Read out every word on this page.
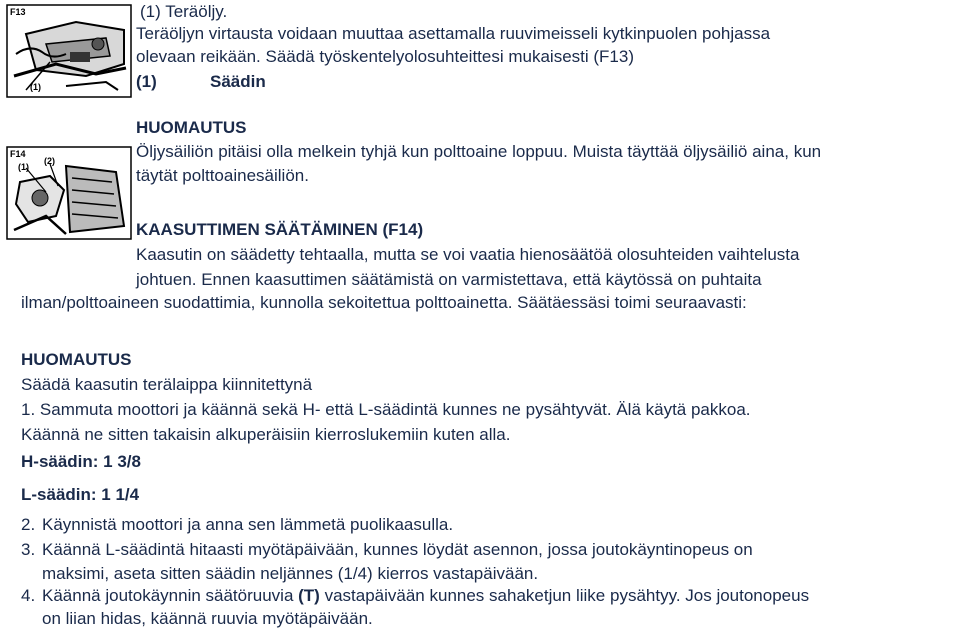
F13
(1)
F14
(1)
(2)
(1) Teräöljy.
Teräöljyn virtausta voidaan muuttaa asettamalla ruuvimeisseli kytkinpuolen pohjassa
olevaan reikään. Säädä työskentelyolosuhteittesi mukaisesti (F13)
(1)	Säädin
HUOMAUTUS
Öljysäiliön pitäisi olla melkein tyhjä kun polttoaine loppuu. Muista täyttää öljysäiliö aina, kun
täytät polttoainesäiliön.
KAASUTTIMEN SÄÄTÄMINEN (F14)
Kaasutin on säädetty tehtaalla, mutta se voi vaatia hienosäätöä olosuhteiden vaihtelusta
johtuen. Ennen kaasuttimen säätämistä on varmistettava, että käytössä on puhtaita
ilman/polttoaineen suodattimia, kunnolla sekoitettua polttoainetta. Säätäessäsi toimi seuraavasti:
HUOMAUTUS
Säädä kaasutin terälaippa kiinnitettynä
1. Sammuta moottori ja käännä sekä H- että L-säädintä kunnes ne pysähtyvät. Älä käytä pakkoa.
Käännä ne sitten takaisin alkuperäisiin kierroslukemiin kuten alla.
H-säädin: 1 3/8
L-säädin: 1 1/4
2. Käynnistä moottori ja anna sen lämmetä puolikaasulla.
3. Käännä L-säädintä hitaasti myötäpäivään, kunnes löydät asennon, jossa joutokäyntinopeus on
maksimi, aseta sitten säädin neljännes (1/4) kierros vastapäivään.
4. Käännä joutokäynnin säätöruuvia (T) vastapäivään kunnes sahaketjun liike pysähtyy. Jos joutonopeus
on liian hidas, käännä ruuvia myötäpäivään.
